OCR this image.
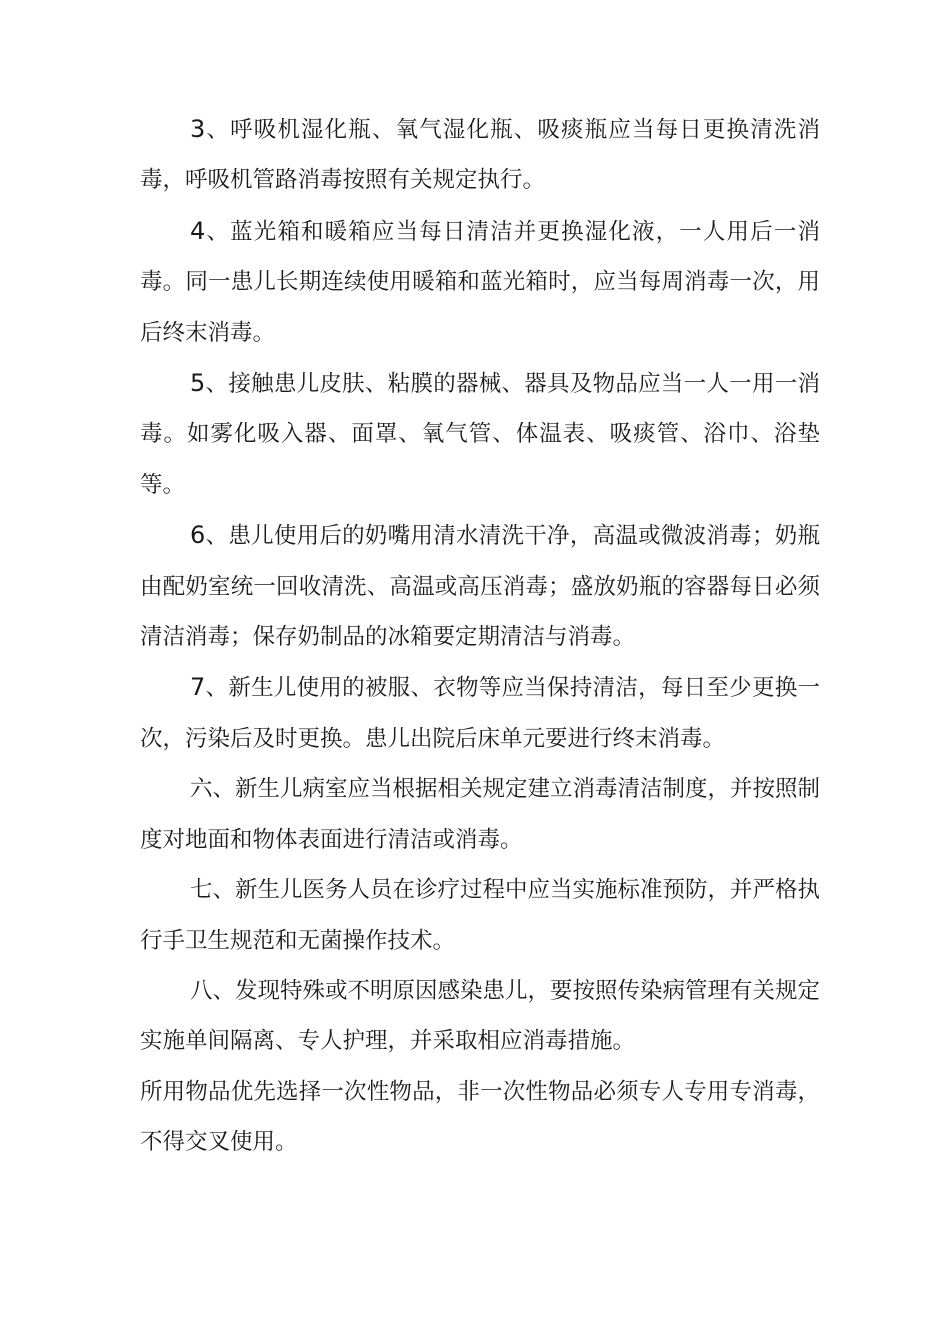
3、呼吸机湿化瓶、氧气湿化瓶、吸痰瓶应当每日更换清洗消毒，呼吸机管路消毒按照有关规定执行。

4、蓝光箱和暖箱应当每日清洁并更换湿化液，一人用后一消毒。同一患儿长期连续使用暖箱和蓝光箱时，应当每周消毒一次，用后终末消毒。

5、接触患儿皮肤、粘膜的器械、器具及物品应当一人一用一消毒。如雾化吸入器、面罩、氧气管、体温表、吸痰管、浴巾、浴垫等。

6、患儿使用后的奶嘴用清水清洗干净，高温或微波消毒；奶瓶由配奶室统一回收清洗、高温或高压消毒；盛放奶瓶的容器每日必须清洁消毒；保存奶制品的冰箱要定期清洁与消毒。

7、新生儿使用的被服、衣物等应当保持清洁，每日至少更换一次，污染后及时更换。患儿出院后床单元要进行终末消毒。

六、新生儿病室应当根据相关规定建立消毒清洁制度，并按照制度对地面和物体表面进行清洁或消毒。

七、新生儿医务人员在诊疗过程中应当实施标准预防，并严格执行手卫生规范和无菌操作技术。

八、发现特殊或不明原因感染患儿，要按照传染病管理有关规定实施单间隔离、专人护理，并采取相应消毒措施。

所用物品优先选择一次性物品，非一次性物品必须专人专用专消毒，不得交叉使用。
